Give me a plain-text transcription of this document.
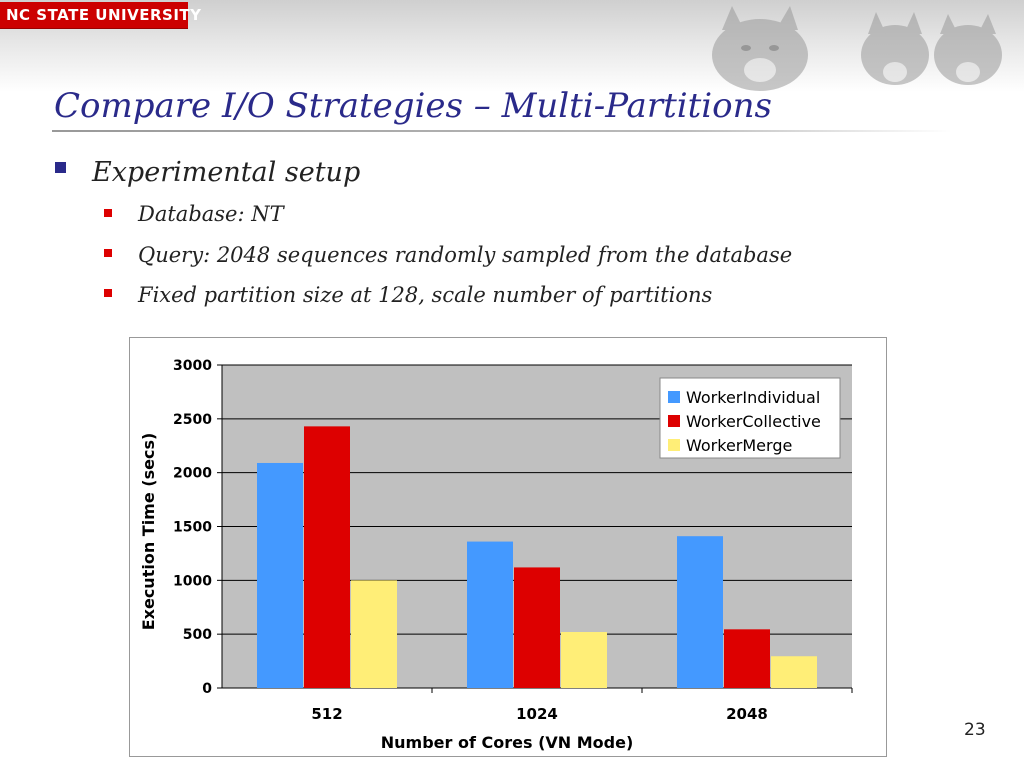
NC STATE UNIVERSITY
Compare I/O Strategies – Multi-Partitions
Experimental setup
Database: NT
Query: 2048 sequences randomly sampled from the database
Fixed partition size at 128, scale number of partitions
0
500
1000
1500
2000
2500
3000
512	1024	2048
Number of Cores (VN Mode)
Execution Time (secs)
WorkerIndividual
WorkerCollective
WorkerMerge
23
